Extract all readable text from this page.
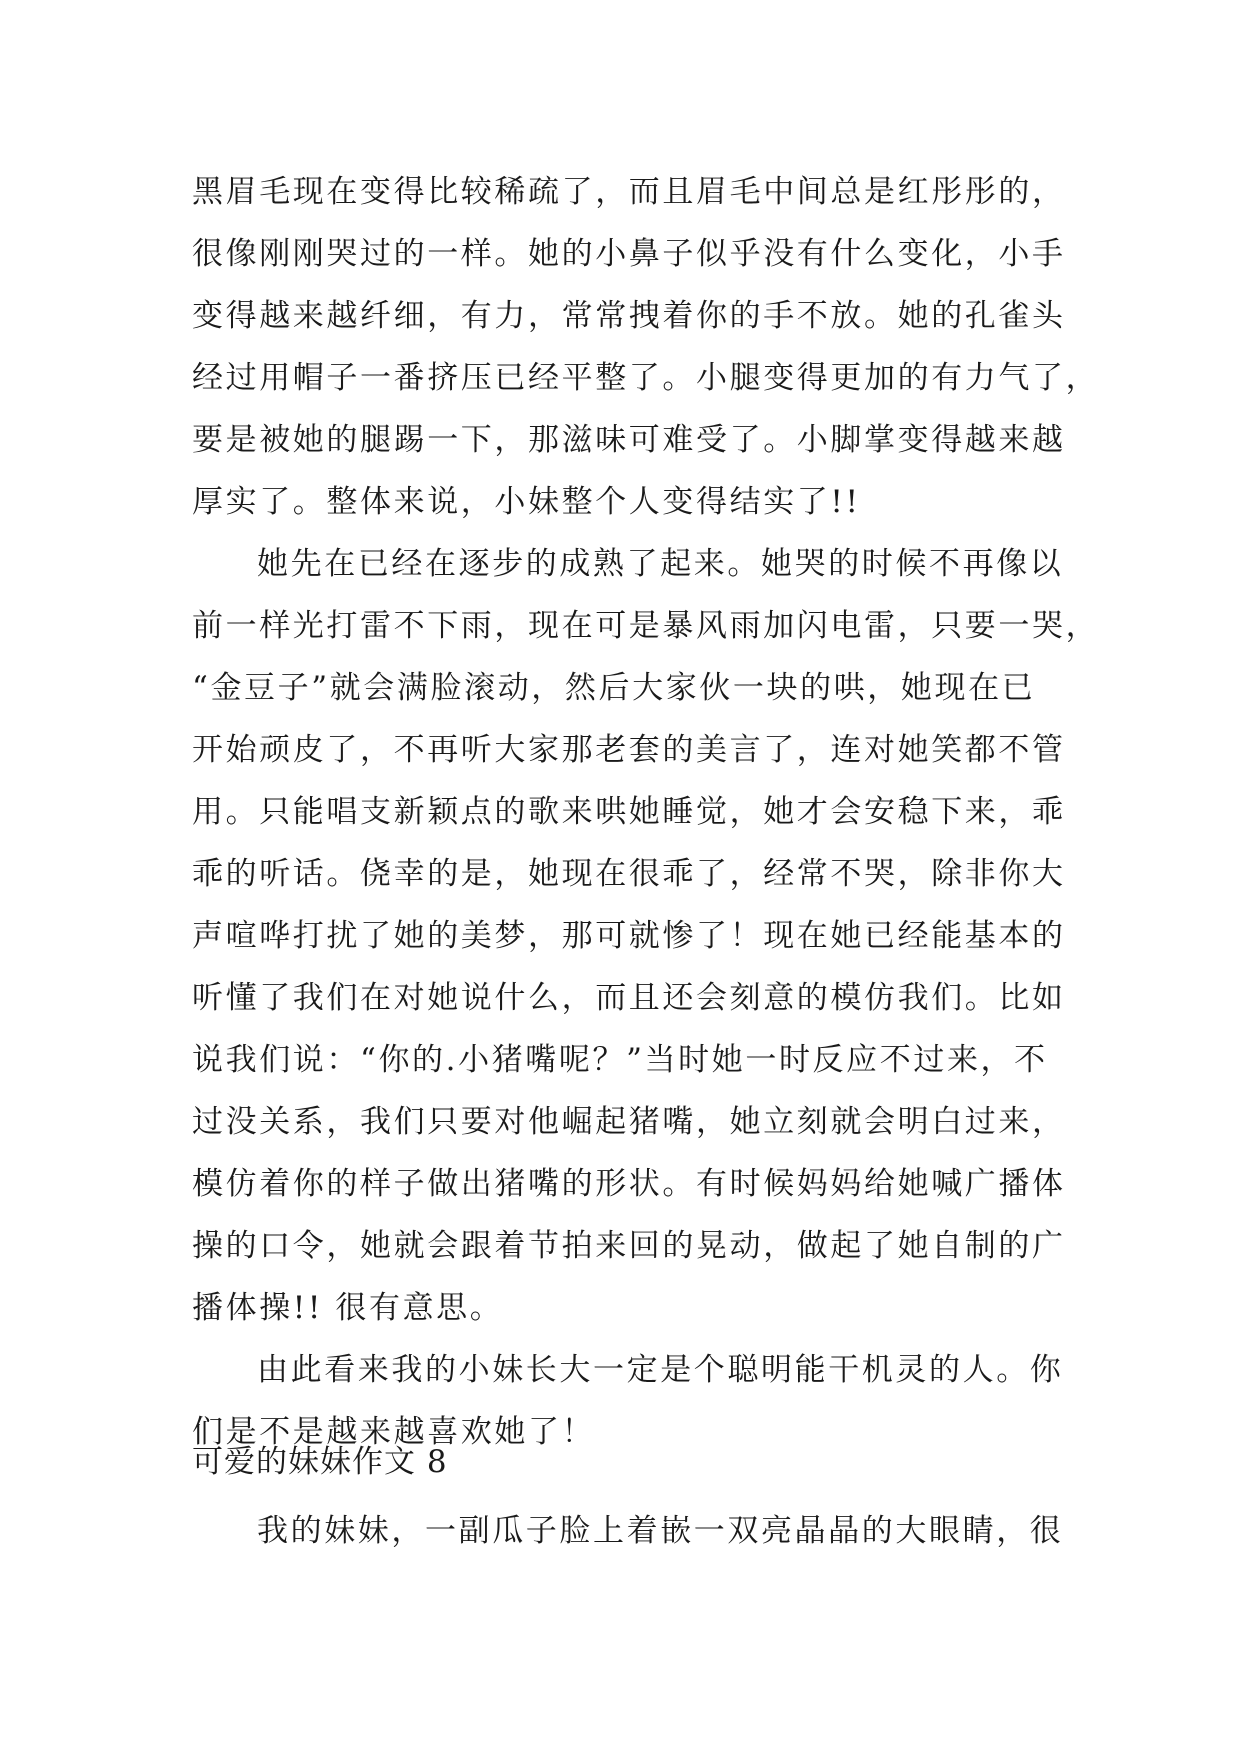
黑眉毛现在变得比较稀疏了，而且眉毛中间总是红彤彤的，
很像刚刚哭过的一样。她的小鼻子似乎没有什么变化，小手
变得越来越纤细，有力，常常拽着你的手不放。她的孔雀头
经过用帽子一番挤压已经平整了。小腿变得更加的有力气了，
要是被她的腿踢一下，那滋味可难受了。小脚掌变得越来越
厚实了。整体来说，小妹整个人变得结实了!!
她先在已经在逐步的成熟了起来。她哭的时候不再像以
前一样光打雷不下雨，现在可是暴风雨加闪电雷，只要一哭，
“金豆子”就会满脸滚动，然后大家伙一块的哄，她现在已
开始顽皮了，不再听大家那老套的美言了，连对她笑都不管
用。只能唱支新颖点的歌来哄她睡觉，她才会安稳下来，乖
乖的听话。侥幸的是，她现在很乖了，经常不哭，除非你大
声喧哗打扰了她的美梦，那可就惨了！现在她已经能基本的
听懂了我们在对她说什么，而且还会刻意的模仿我们。比如
说我们说：“你的.小猪嘴呢？”当时她一时反应不过来，不
过没关系，我们只要对他崛起猪嘴，她立刻就会明白过来，
模仿着你的样子做出猪嘴的形状。有时候妈妈给她喊广播体
操的口令，她就会跟着节拍来回的晃动，做起了她自制的广
播体操!! 很有意思。
由此看来我的小妹长大一定是个聪明能干机灵的人。你
们是不是越来越喜欢她了！
可爱的妹妹作文 8
我的妹妹，一副瓜子脸上着嵌一双亮晶晶的大眼睛，很
